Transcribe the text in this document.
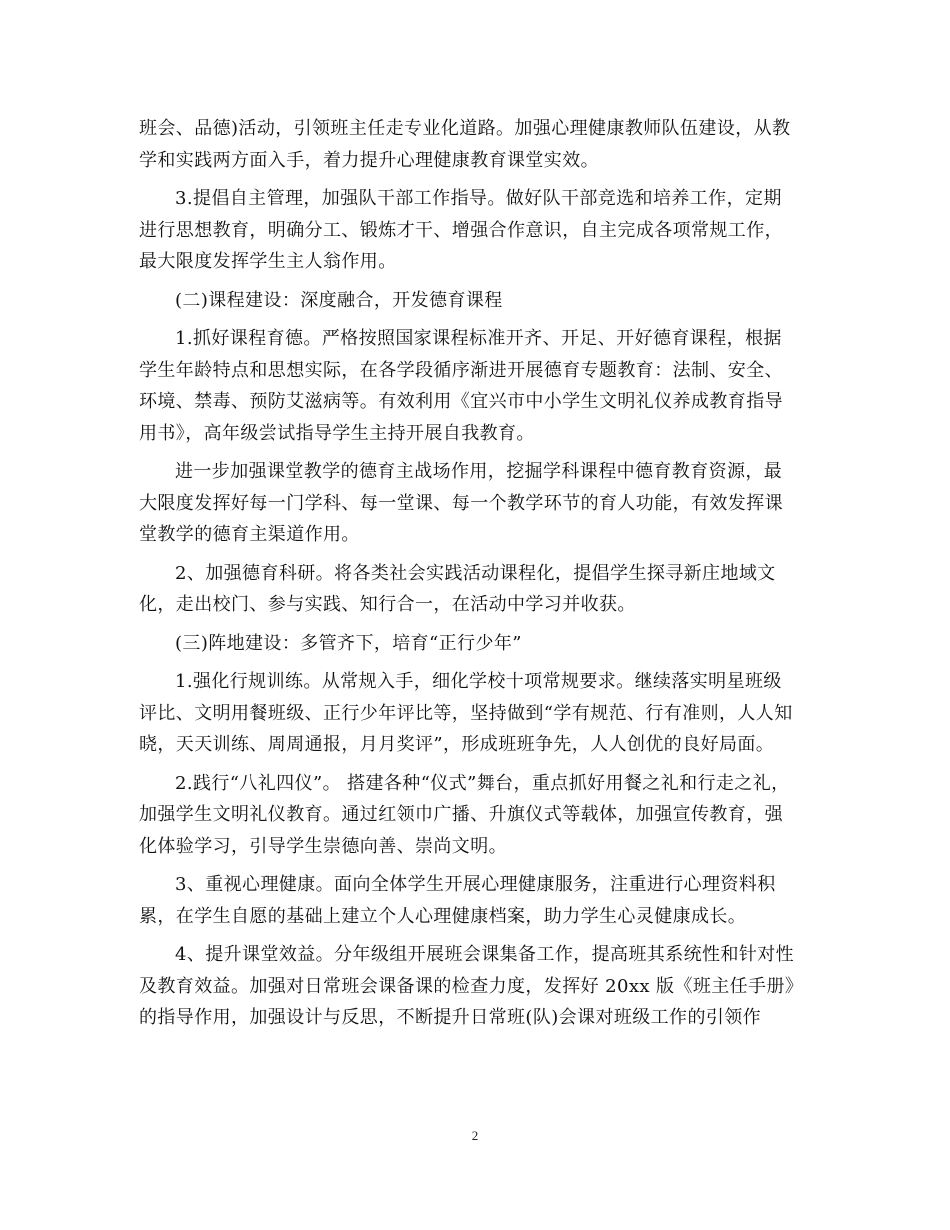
班会、品德)活动，引领班主任走专业化道路。加强心理健康教师队伍建设，从教
学和实践两方面入手，着力提升心理健康教育课堂实效。

3.提倡自主管理，加强队干部工作指导。做好队干部竞选和培养工作，定期
进行思想教育，明确分工、锻炼才干、增强合作意识，自主完成各项常规工作，
最大限度发挥学生主人翁作用。

(二)课程建设：深度融合，开发德育课程

1.抓好课程育德。严格按照国家课程标准开齐、开足、开好德育课程，根据
学生年龄特点和思想实际，在各学段循序渐进开展德育专题教育：法制、安全、
环境、禁毒、预防艾滋病等。有效利用《宜兴市中小学生文明礼仪养成教育指导
用书》，高年级尝试指导学生主持开展自我教育。

进一步加强课堂教学的德育主战场作用，挖掘学科课程中德育教育资源，最
大限度发挥好每一门学科、每一堂课、每一个教学环节的育人功能，有效发挥课
堂教学的德育主渠道作用。

2、加强德育科研。将各类社会实践活动课程化，提倡学生探寻新庄地域文
化，走出校门、参与实践、知行合一，在活动中学习并收获。

(三)阵地建设：多管齐下，培育“正行少年”

1.强化行规训练。从常规入手，细化学校十项常规要求。继续落实明星班级
评比、文明用餐班级、正行少年评比等，坚持做到“学有规范、行有准则，人人知
晓，天天训练、周周通报，月月奖评”，形成班班争先，人人创优的良好局面。

2.践行“八礼四仪”。 搭建各种“仪式”舞台，重点抓好用餐之礼和行走之礼，
加强学生文明礼仪教育。通过红领巾广播、升旗仪式等载体，加强宣传教育，强
化体验学习，引导学生崇德向善、崇尚文明。

3、重视心理健康。面向全体学生开展心理健康服务，注重进行心理资料积
累，在学生自愿的基础上建立个人心理健康档案，助力学生心灵健康成长。

4、提升课堂效益。分年级组开展班会课集备工作，提高班其系统性和针对性
及教育效益。加强对日常班会课备课的检查力度，发挥好 20xx 版《班主任手册》
的指导作用，加强设计与反思，不断提升日常班(队)会课对班级工作的引领作

2
